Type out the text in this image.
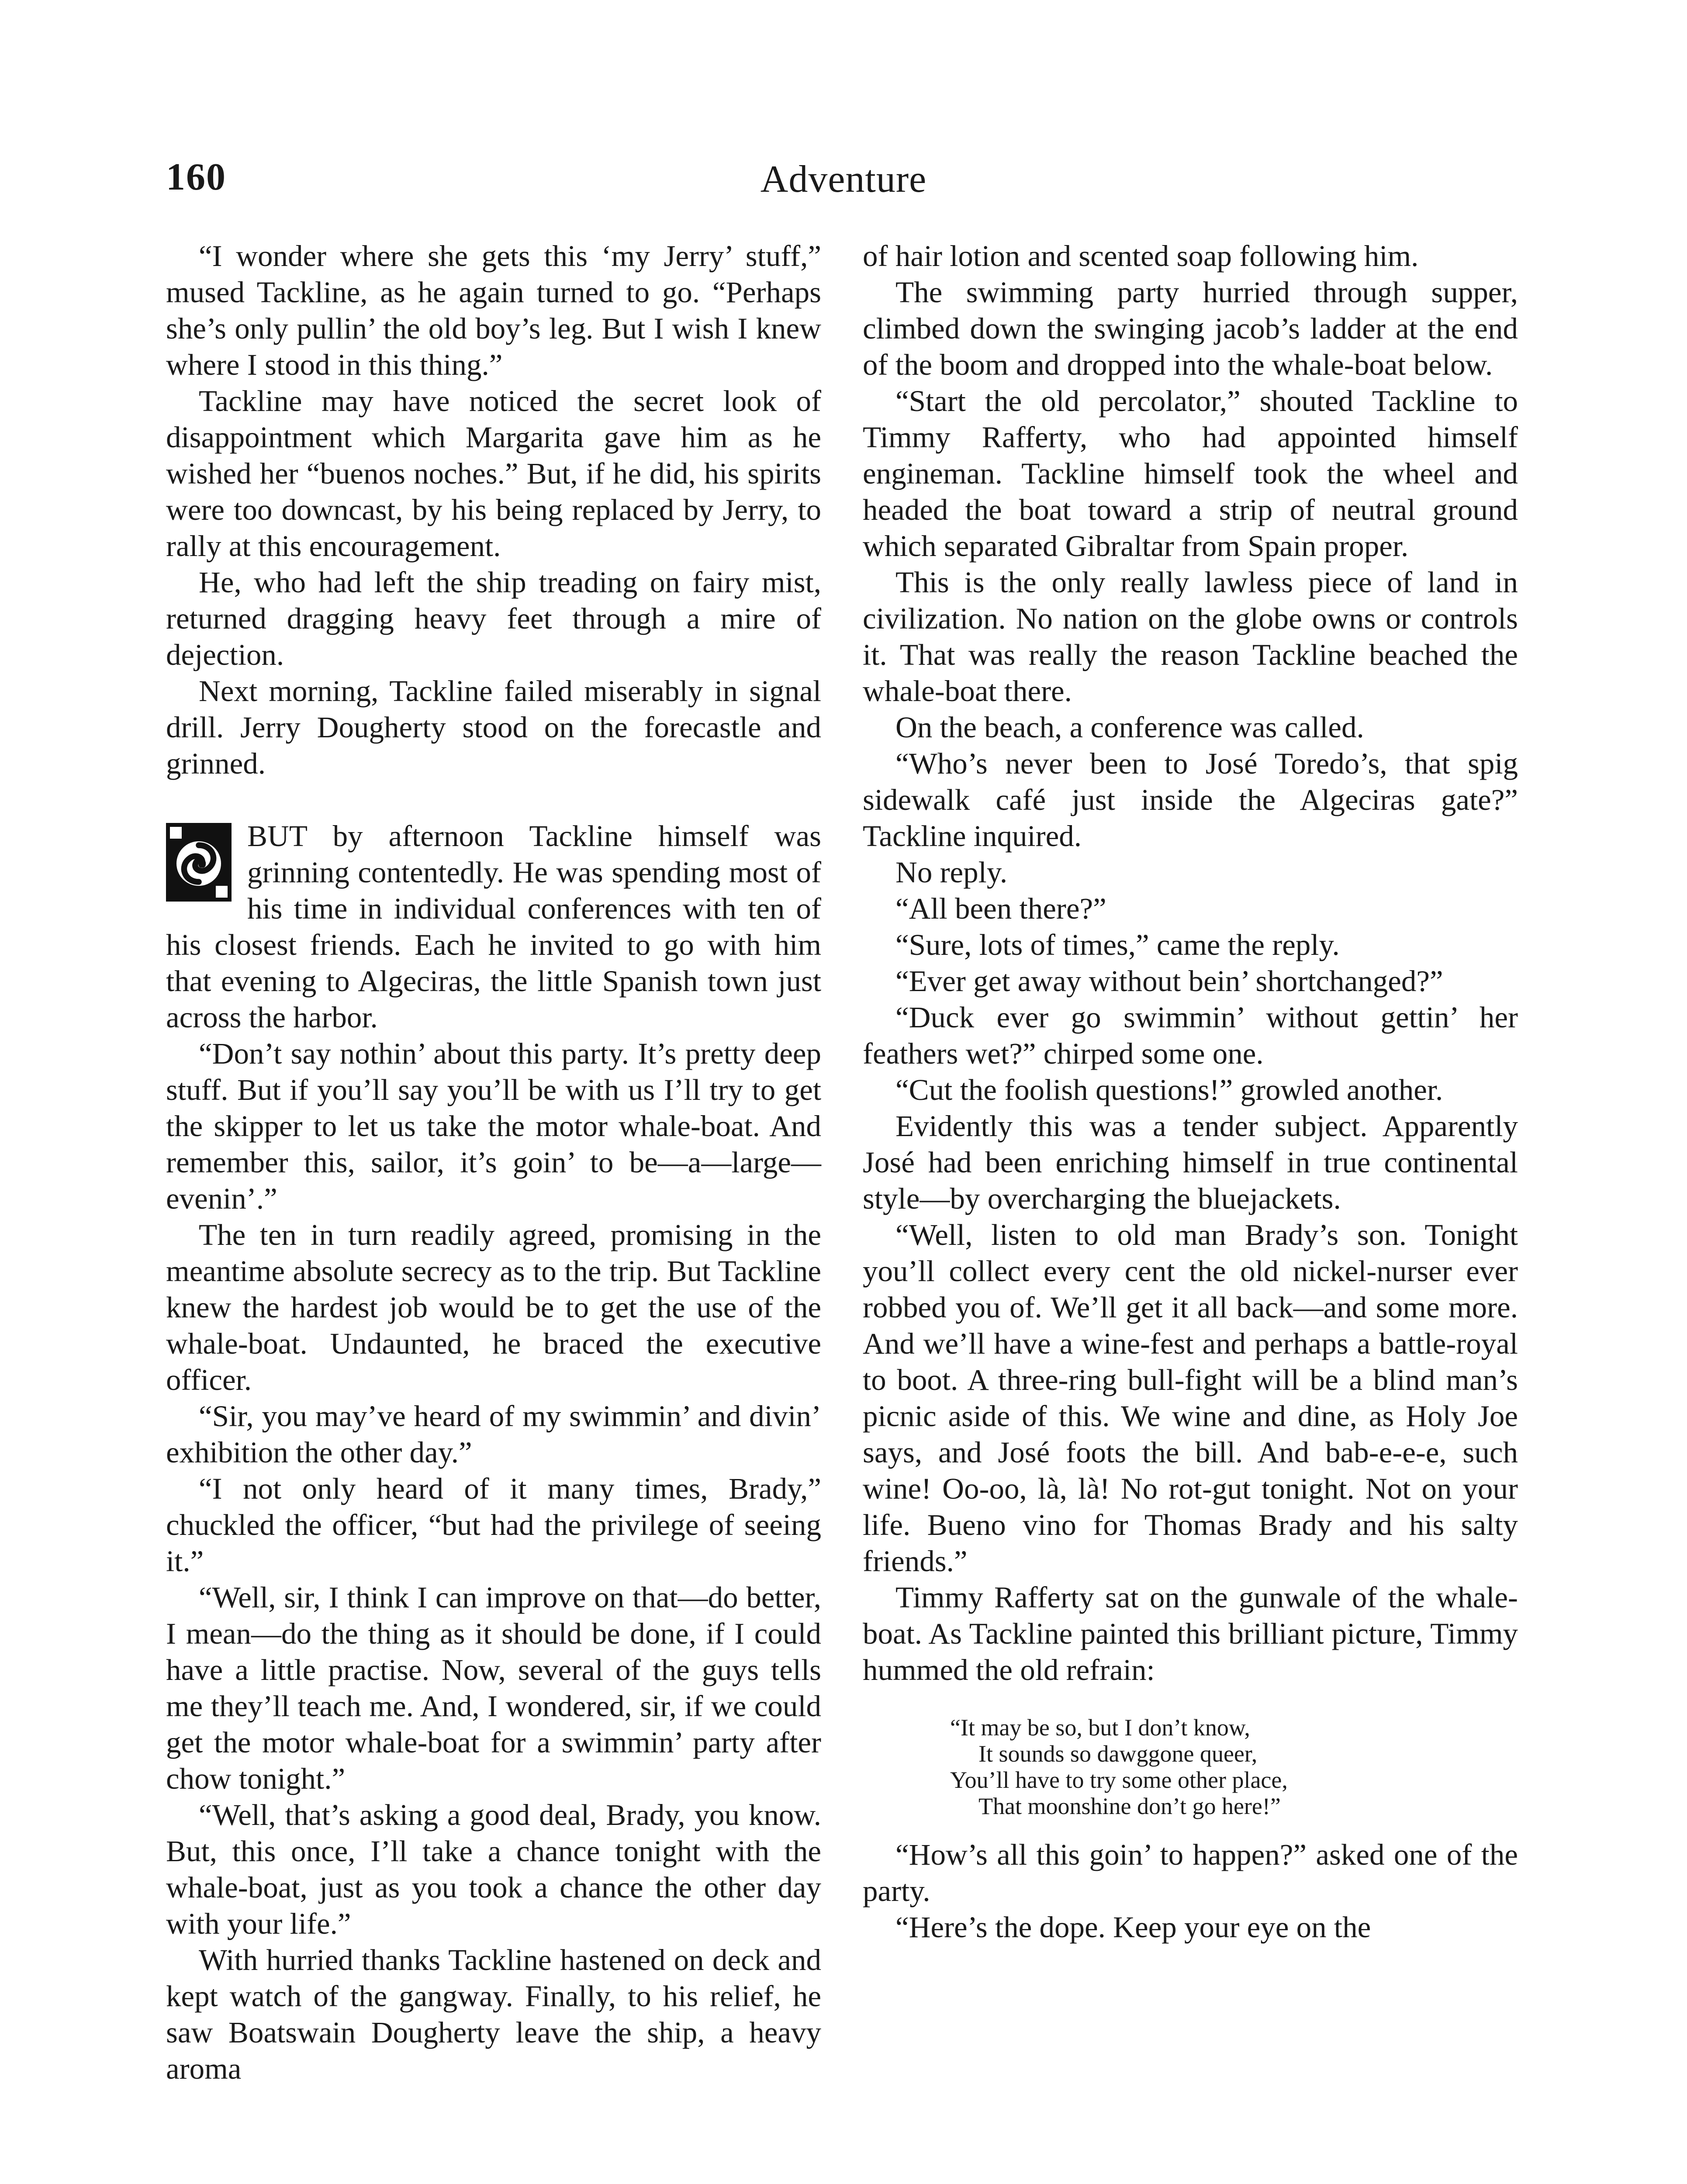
160	Adventure

“I wonder where she gets this ‘my Jerry’ stuff,” mused Tackline, as he again turned to go. “Perhaps she’s only pullin’ the old boy’s leg. But I wish I knew where I stood in this thing.”

Tackline may have noticed the secret look of disappointment which Margarita gave him as he wished her “buenos noches.” But, if he did, his spirits were too downcast, by his being replaced by Jerry, to rally at this encouragement.

He, who had left the ship treading on fairy mist, returned dragging heavy feet through a mire of dejection.

Next morning, Tackline failed miserably in signal drill. Jerry Dougherty stood on the forecastle and grinned.

BUT by afternoon Tackline himself was grinning contentedly. He was spending most of his time in individual conferences with ten of his closest friends. Each he invited to go with him that evening to Algeciras, the little Spanish town just across the harbor.

“Don’t say nothin’ about this party. It’s pretty deep stuff. But if you’ll say you’ll be with us I’ll try to get the skipper to let us take the motor whale-boat. And remember this, sailor, it’s goin’ to be—a—large—evenin’.”

The ten in turn readily agreed, promising in the meantime absolute secrecy as to the trip. But Tackline knew the hardest job would be to get the use of the whale-boat. Undaunted, he braced the executive officer.

“Sir, you may’ve heard of my swimmin’ and divin’ exhibition the other day.”

“I not only heard of it many times, Brady,” chuckled the officer, “but had the privilege of seeing it.”

“Well, sir, I think I can improve on that—do better, I mean—do the thing as it should be done, if I could have a little practise. Now, several of the guys tells me they’ll teach me. And, I wondered, sir, if we could get the motor whale-boat for a swimmin’ party after chow tonight.”

“Well, that’s asking a good deal, Brady, you know. But, this once, I’ll take a chance tonight with the whale-boat, just as you took a chance the other day with your life.”

With hurried thanks Tackline hastened on deck and kept watch of the gangway. Finally, to his relief, he saw Boatswain Dougherty leave the ship, a heavy aroma

of hair lotion and scented soap following him.

The swimming party hurried through supper, climbed down the swinging jacob’s ladder at the end of the boom and dropped into the whale-boat below.

“Start the old percolator,” shouted Tackline to Timmy Rafferty, who had appointed himself engineman. Tackline himself took the wheel and headed the boat toward a strip of neutral ground which separated Gibraltar from Spain proper.

This is the only really lawless piece of land in civilization. No nation on the globe owns or controls it. That was really the reason Tackline beached the whale-boat there.

On the beach, a conference was called.

“Who’s never been to José Toredo’s, that spig sidewalk café just inside the Algeciras gate?” Tackline inquired.

No reply.

“All been there?”

“Sure, lots of times,” came the reply.

“Ever get away without bein’ shortchanged?”

“Duck ever go swimmin’ without gettin’ her feathers wet?” chirped some one.

“Cut the foolish questions!” growled another.

Evidently this was a tender subject. Apparently José had been enriching himself in true continental style—by overcharging the bluejackets.

“Well, listen to old man Brady’s son. Tonight you’ll collect every cent the old nickel-nurser ever robbed you of. We’ll get it all back—and some more. And we’ll have a wine-fest and perhaps a battle-royal to boot. A three-ring bull-fight will be a blind man’s picnic aside of this. We wine and dine, as Holy Joe says, and José foots the bill. And bab-e-e-e, such wine! Oo-oo, là, là! No rot-gut tonight. Not on your life. Bueno vino for Thomas Brady and his salty friends.”

Timmy Rafferty sat on the gunwale of the whale-boat. As Tackline painted this brilliant picture, Timmy hummed the old refrain:

“It may be so, but I don’t know,
It sounds so dawggone queer,
You’ll have to try some other place,
That moonshine don’t go here!”

“How’s all this goin’ to happen?” asked one of the party.

“Here’s the dope. Keep your eye on the
